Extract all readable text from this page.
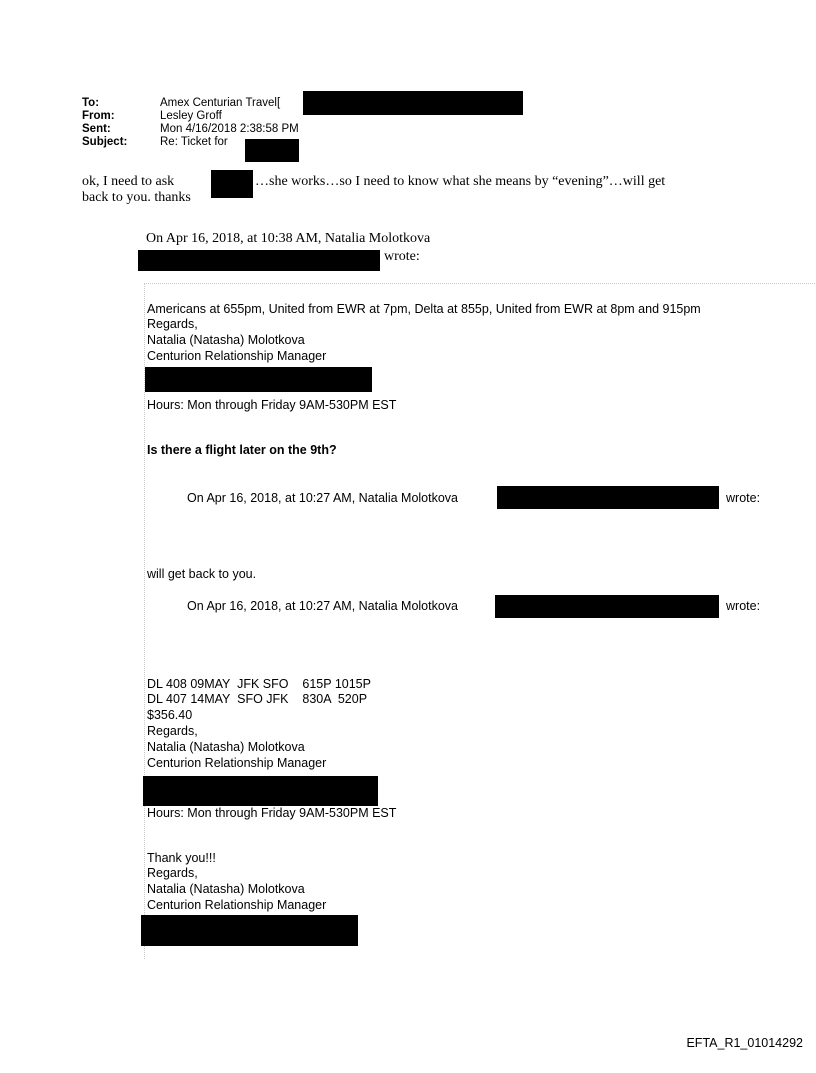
To:	Amex Centurian Travel[
From:	Lesley Groff
Sent:	Mon 4/16/2018 2:38:58 PM
Subject:	Re: Ticket for
ok, I need to ask	…she works…so I need to know what she means by “evening”…will get
back to you. thanks
On Apr 16, 2018, at 10:38 AM, Natalia Molotkova
wrote:
Americans at 655pm, United from EWR at 7pm, Delta at 855p, United from EWR at 8pm and 915pm
Regards,
Natalia (Natasha) Molotkova
Centurion Relationship Manager
Hours: Mon through Friday 9AM-530PM EST
Is there a flight later on the 9th?
On Apr 16, 2018, at 10:27 AM, Natalia Molotkova	wrote:
will get back to you.
On Apr 16, 2018, at 10:27 AM, Natalia Molotkova	wrote:
DL 408 09MAY  JFK SFO    615P 1015P
DL 407 14MAY  SFO JFK    830A  520P
$356.40
Regards,
Natalia (Natasha) Molotkova
Centurion Relationship Manager
Hours: Mon through Friday 9AM-530PM EST
Thank you!!!
Regards,
Natalia (Natasha) Molotkova
Centurion Relationship Manager
EFTA_R1_01014292
